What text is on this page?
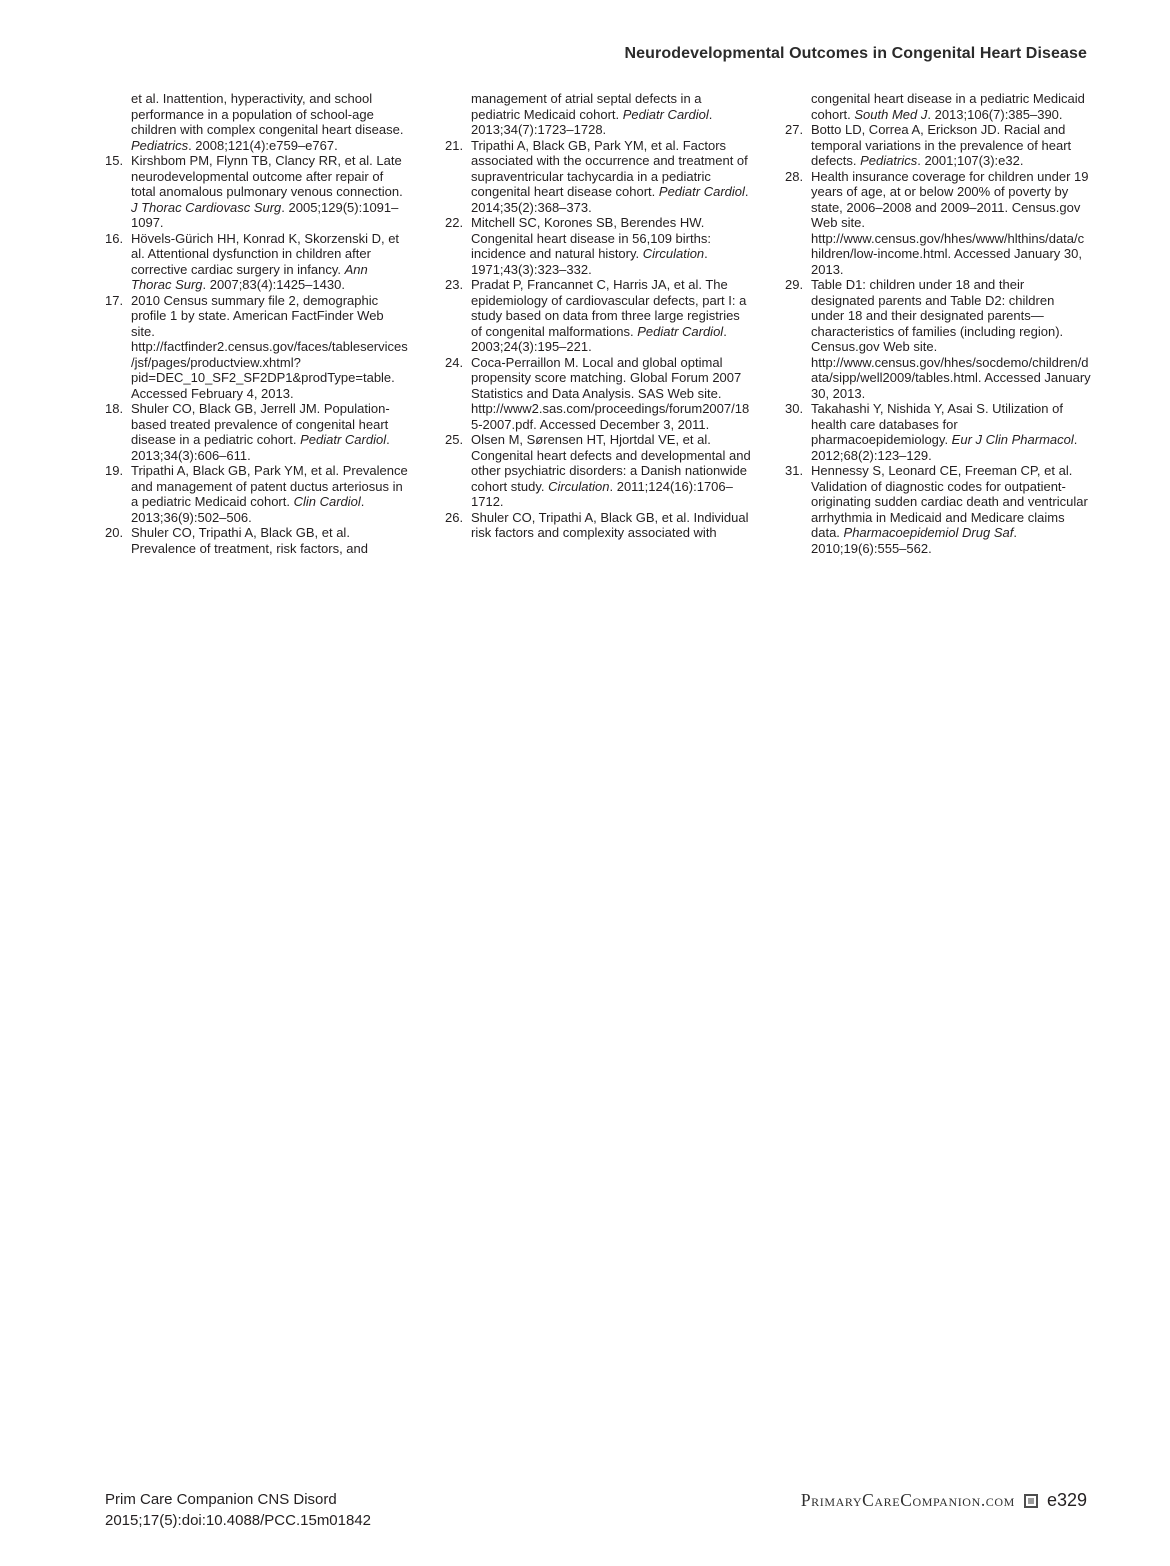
Neurodevelopmental Outcomes in Congenital Heart Disease
et al. Inattention, hyperactivity, and school performance in a population of school-age children with complex congenital heart disease. Pediatrics. 2008;121(4):e759–e767.
15. Kirshbom PM, Flynn TB, Clancy RR, et al. Late neurodevelopmental outcome after repair of total anomalous pulmonary venous connection. J Thorac Cardiovasc Surg. 2005;129(5):1091–1097.
16. Hövels-Gürich HH, Konrad K, Skorzenski D, et al. Attentional dysfunction in children after corrective cardiac surgery in infancy. Ann Thorac Surg. 2007;83(4):1425–1430.
17. 2010 Census summary file 2, demographic profile 1 by state. American FactFinder Web site. http://factfinder2.census.gov/faces/tableservices/jsf/pages/productview.xhtml?pid=DEC_10_SF2_SF2DP1&prodType=table. Accessed February 4, 2013.
18. Shuler CO, Black GB, Jerrell JM. Population-based treated prevalence of congenital heart disease in a pediatric cohort. Pediatr Cardiol. 2013;34(3):606–611.
19. Tripathi A, Black GB, Park YM, et al. Prevalence and management of patent ductus arteriosus in a pediatric Medicaid cohort. Clin Cardiol. 2013;36(9):502–506.
20. Shuler CO, Tripathi A, Black GB, et al. Prevalence of treatment, risk factors, and
management of atrial septal defects in a pediatric Medicaid cohort. Pediatr Cardiol. 2013;34(7):1723–1728.
21. Tripathi A, Black GB, Park YM, et al. Factors associated with the occurrence and treatment of supraventricular tachycardia in a pediatric congenital heart disease cohort. Pediatr Cardiol. 2014;35(2):368–373.
22. Mitchell SC, Korones SB, Berendes HW. Congenital heart disease in 56,109 births: incidence and natural history. Circulation. 1971;43(3):323–332.
23. Pradat P, Francannet C, Harris JA, et al. The epidemiology of cardiovascular defects, part I: a study based on data from three large registries of congenital malformations. Pediatr Cardiol. 2003;24(3):195–221.
24. Coca-Perraillon M. Local and global optimal propensity score matching. Global Forum 2007 Statistics and Data Analysis. SAS Web site. http://www2.sas.com/proceedings/forum2007/185-2007.pdf. Accessed December 3, 2011.
25. Olsen M, Sørensen HT, Hjortdal VE, et al. Congenital heart defects and developmental and other psychiatric disorders: a Danish nationwide cohort study. Circulation. 2011;124(16):1706–1712.
26. Shuler CO, Tripathi A, Black GB, et al. Individual risk factors and complexity associated with
congenital heart disease in a pediatric Medicaid cohort. South Med J. 2013;106(7):385–390.
27. Botto LD, Correa A, Erickson JD. Racial and temporal variations in the prevalence of heart defects. Pediatrics. 2001;107(3):e32.
28. Health insurance coverage for children under 19 years of age, at or below 200% of poverty by state, 2006–2008 and 2009–2011. Census.gov Web site. http://www.census.gov/hhes/www/hlthins/data/children/low-income.html. Accessed January 30, 2013.
29. Table D1: children under 18 and their designated parents and Table D2: children under 18 and their designated parents—characteristics of families (including region). Census.gov Web site. http://www.census.gov/hhes/socdemo/children/data/sipp/well2009/tables.html. Accessed January 30, 2013.
30. Takahashi Y, Nishida Y, Asai S. Utilization of health care databases for pharmacoepidemiology. Eur J Clin Pharmacol. 2012;68(2):123–129.
31. Hennessy S, Leonard CE, Freeman CP, et al. Validation of diagnostic codes for outpatient-originating sudden cardiac death and ventricular arrhythmia in Medicaid and Medicare claims data. Pharmacoepidemiol Drug Saf. 2010;19(6):555–562.
Prim Care Companion CNS Disord
2015;17(5):doi:10.4088/PCC.15m01842
PrimaryCareCompanion.com e329
